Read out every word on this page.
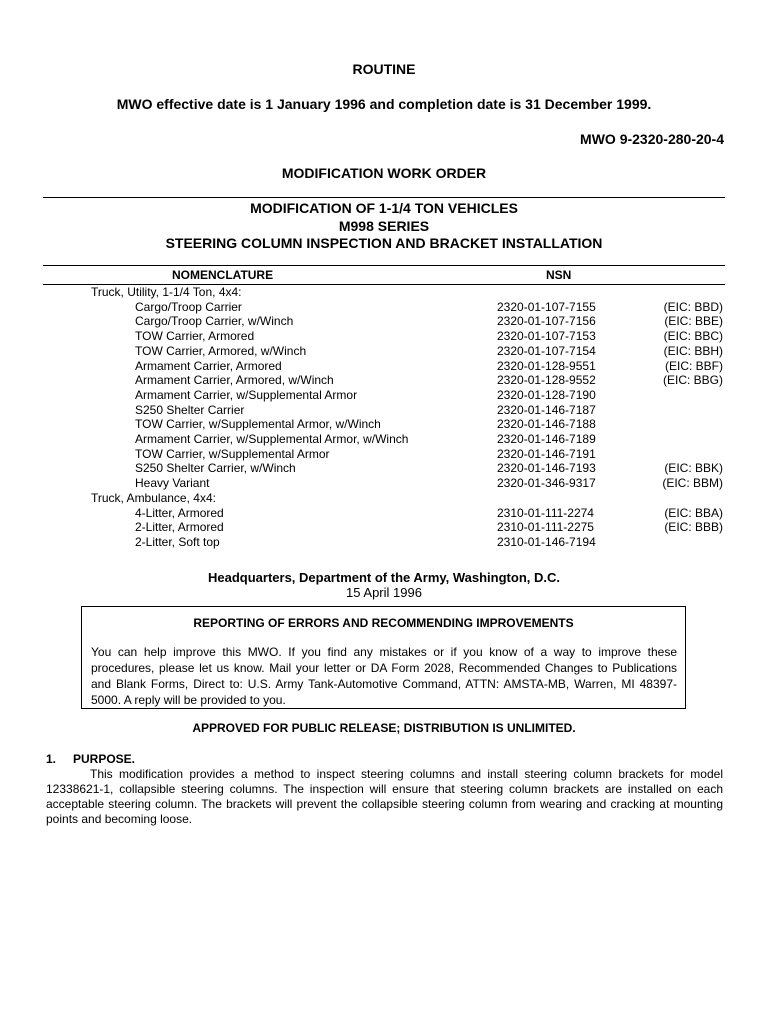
ROUTINE
MWO effective date is 1 January 1996 and completion date is 31 December 1999.
MWO 9-2320-280-20-4
MODIFICATION WORK ORDER
MODIFICATION OF 1-1/4 TON VEHICLES
M998 SERIES
STEERING COLUMN INSPECTION AND BRACKET INSTALLATION
NOMENCLATURE	NSN
Truck, Utility, 1-1/4 Ton, 4x4:
Cargo/Troop Carrier	2320-01-107-7155	(EIC: BBD)
Cargo/Troop Carrier, w/Winch	2320-01-107-7156	(EIC: BBE)
TOW Carrier, Armored	2320-01-107-7153	(EIC: BBC)
TOW Carrier, Armored, w/Winch	2320-01-107-7154	(EIC: BBH)
Armament Carrier, Armored	2320-01-128-9551	(EIC: BBF)
Armament Carrier, Armored, w/Winch	2320-01-128-9552	(EIC: BBG)
Armament Carrier, w/Supplemental Armor	2320-01-128-7190
S250 Shelter Carrier	2320-01-146-7187
TOW Carrier, w/Supplemental Armor, w/Winch	2320-01-146-7188
Armament Carrier, w/Supplemental Armor, w/Winch	2320-01-146-7189
TOW Carrier, w/Supplemental Armor	2320-01-146-7191
S250 Shelter Carrier, w/Winch	2320-01-146-7193	(EIC: BBK)
Heavy Variant	2320-01-346-9317	(EIC: BBM)
Truck, Ambulance, 4x4:
4-Litter, Armored	2310-01-111-2274	(EIC: BBA)
2-Litter, Armored	2310-01-111-2275	(EIC: BBB)
2-Litter, Soft top	2310-01-146-7194
Headquarters, Department of the Army, Washington, D.C.
15 April 1996
REPORTING OF ERRORS AND RECOMMENDING IMPROVEMENTS
You can help improve this MWO. If you find any mistakes or if you know of a way to improve these procedures, please let us know. Mail your letter or DA Form 2028, Recommended Changes to Publications and Blank Forms, Direct to: U.S. Army Tank-Automotive Command, ATTN: AMSTA-MB, Warren, MI 48397-5000. A reply will be provided to you.
APPROVED FOR PUBLIC RELEASE; DISTRIBUTION IS UNLIMITED.
1. PURPOSE.
This modification provides a method to inspect steering columns and install steering column brackets for model 12338621-1, collapsible steering columns. The inspection will ensure that steering column brackets are installed on each acceptable steering column. The brackets will prevent the collapsible steering column from wearing and cracking at mounting points and becoming loose.
